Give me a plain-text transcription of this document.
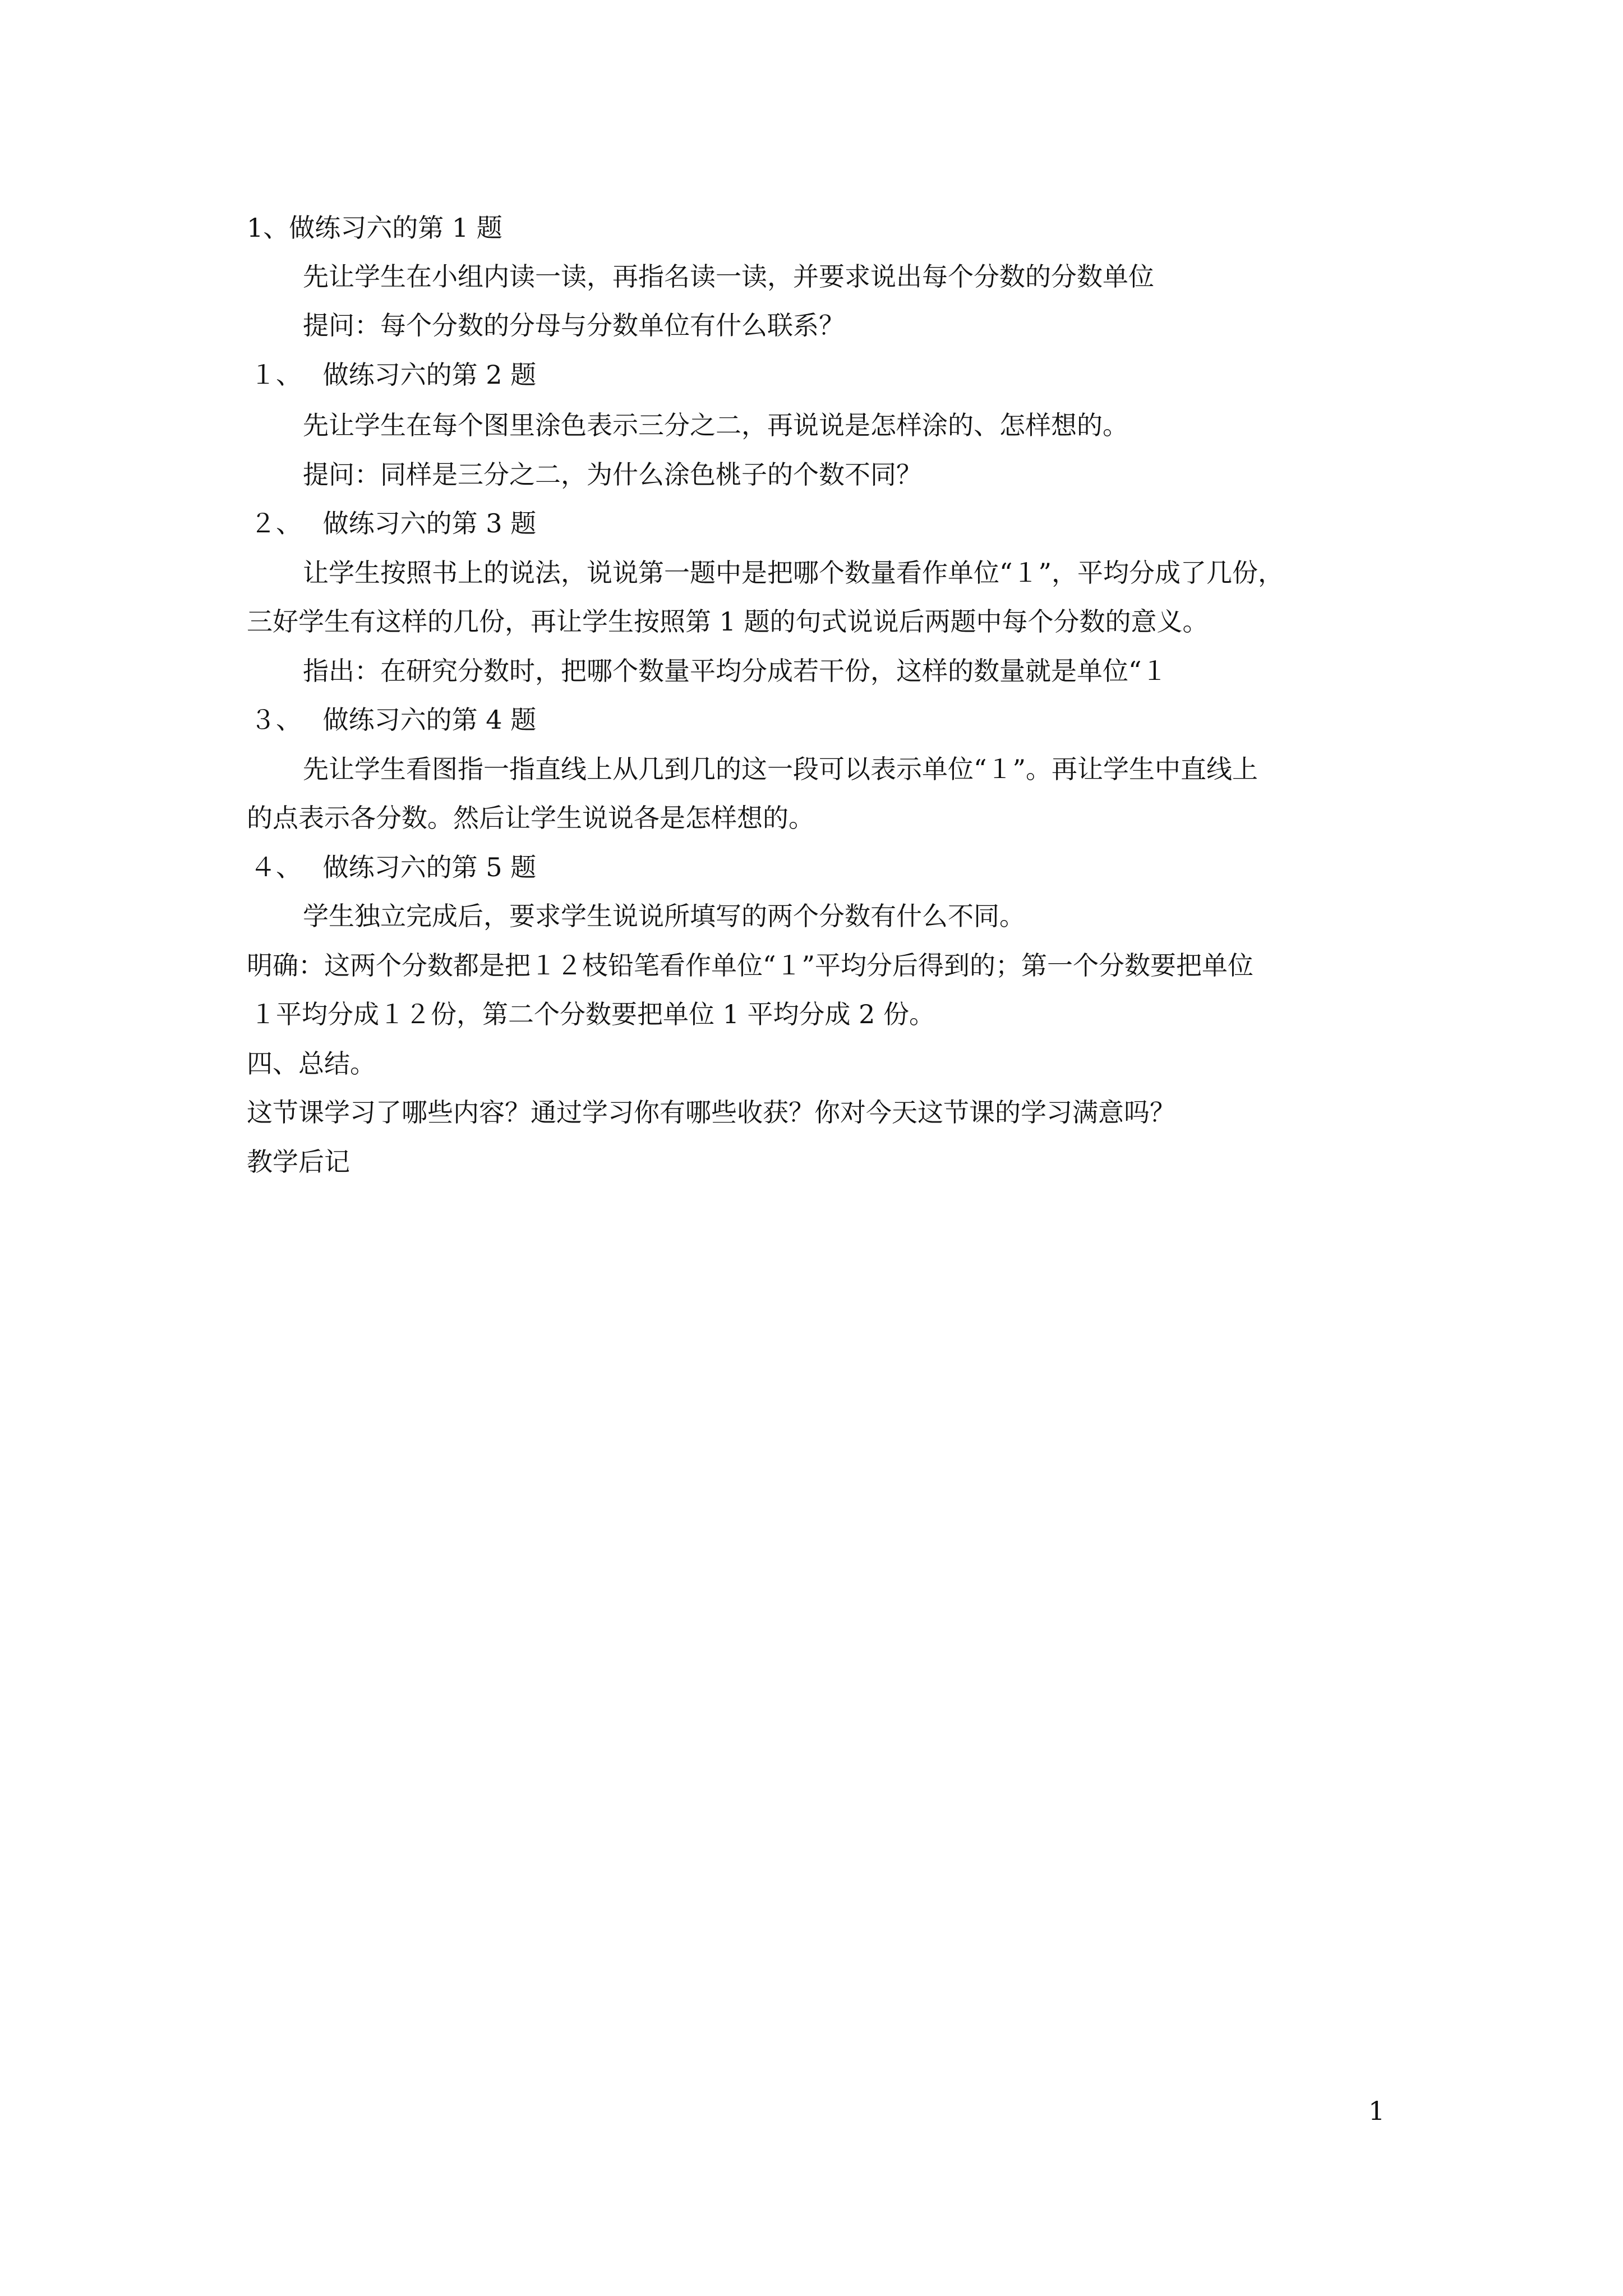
1、做练习六的第 1 题
先让学生在小组内读一读，再指名读一读，并要求说出每个分数的分数单位
提问：每个分数的分母与分数单位有什么联系？
１、　 做练习六的第 2 题
先让学生在每个图里涂色表示三分之二，再说说是怎样涂的、怎样想的。
提问：同样是三分之二，为什么涂色桃子的个数不同？
２、　 做练习六的第 3 题
让学生按照书上的说法，说说第一题中是把哪个数量看作单位“１”，平均分成了几份，
三好学生有这样的几份，再让学生按照第 1 题的句式说说后两题中每个分数的意义。
指出：在研究分数时，把哪个数量平均分成若干份，这样的数量就是单位“１
３、　 做练习六的第 4 题
先让学生看图指一指直线上从几到几的这一段可以表示单位“１”。再让学生中直线上
的点表示各分数。然后让学生说说各是怎样想的。
４、　 做练习六的第 5 题
学生独立完成后，要求学生说说所填写的两个分数有什么不同。
明确：这两个分数都是把１２枝铅笔看作单位“１”平均分后得到的；第一个分数要把单位
１平均分成１２份，第二个分数要把单位 1 平均分成 2 份。
四、总结。
这节课学习了哪些内容？通过学习你有哪些收获？你对今天这节课的学习满意吗？
教学后记
1
